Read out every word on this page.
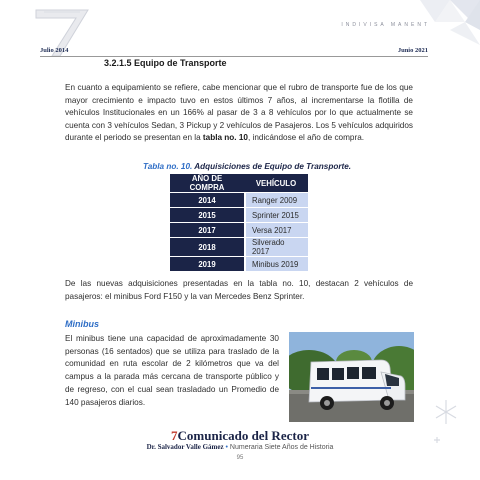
INDIVISA MANENT
Julio 2014	Junio 2021
3.2.1.5 Equipo de Transporte

En cuanto a equipamiento se refiere, cabe mencionar que el rubro de transporte fue de los que mayor crecimiento e impacto tuvo en estos últimos 7 años, al incrementarse la flotilla de vehículos Institucionales en un 166% al pasar de 3 a 8 vehículos por lo que actualmente se cuenta con 3 vehículos Sedan, 3 Pickup y 2 vehículos de Pasajeros. Los 5 vehículos adquiridos durante el periodo se presentan en la tabla no. 10, indicándose el año de compra.

Tabla no. 10. Adquisiciones de Equipo de Transporte.
AÑO DE COMPRA	VEHÍCULO
2014	Ranger 2009
2015	Sprinter 2015
2017	Versa 2017
2018	Silverado 2017
2019	Minibus 2019

De las nuevas adquisiciones presentadas en la tabla no. 10, destacan 2 vehículos de pasajeros: el minibus Ford F150 y la van Mercedes Benz Sprinter.

Minibus

El minibus tiene una capacidad de aproximadamente 30 personas (16 sentados) que se utiliza para traslado de la comunidad en ruta escolar de 2 kilómetros que va del campus a la parada más cercana de transporte público y de regreso, con el cual sean trasladado un Promedio de 140 pasajeros diarios.

7Comunicado del Rector
Dr. Salvador Valle Gámez • Numeraria Siete Años de Historia
95
